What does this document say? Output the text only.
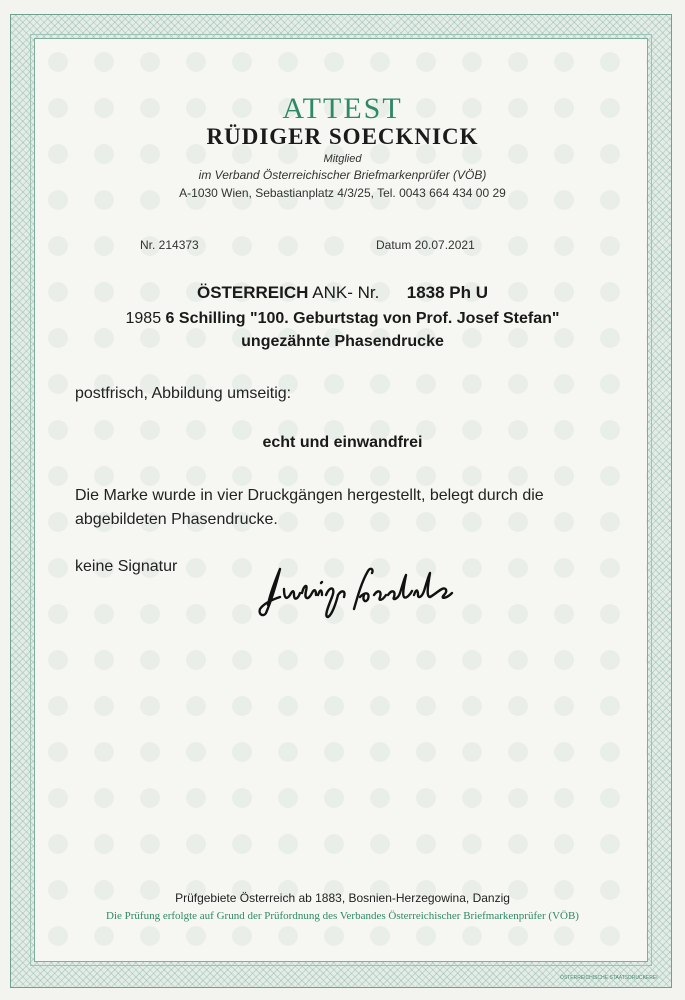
ATTEST
RÜDIGER SOECKNICK
Mitglied
im Verband Österreichischer Briefmarkenprüfer (VÖB)
A-1030 Wien, Sebastianplatz 4/3/25, Tel. 0043 664 434 00 29
Nr. 214373	Datum 20.07.2021
ÖSTERREICH ANK- Nr. 1838 Ph U
1985 6 Schilling "100. Geburtstag von Prof. Josef Stefan"
ungezähnte Phasendrucke
postfrisch, Abbildung umseitig:
echt und einwandfrei
Die Marke wurde in vier Druckgängen hergestellt, belegt durch die abgebildeten Phasendrucke.
keine Signatur
Prüfgebiete Österreich ab 1883, Bosnien-Herzegowina, Danzig
Die Prüfung erfolgte auf Grund der Prüfordnung des Verbandes Österreichischer Briefmarkenprüfer (VÖB)
ÖSTERREICHISCHE STAATSDRUCKEREI
